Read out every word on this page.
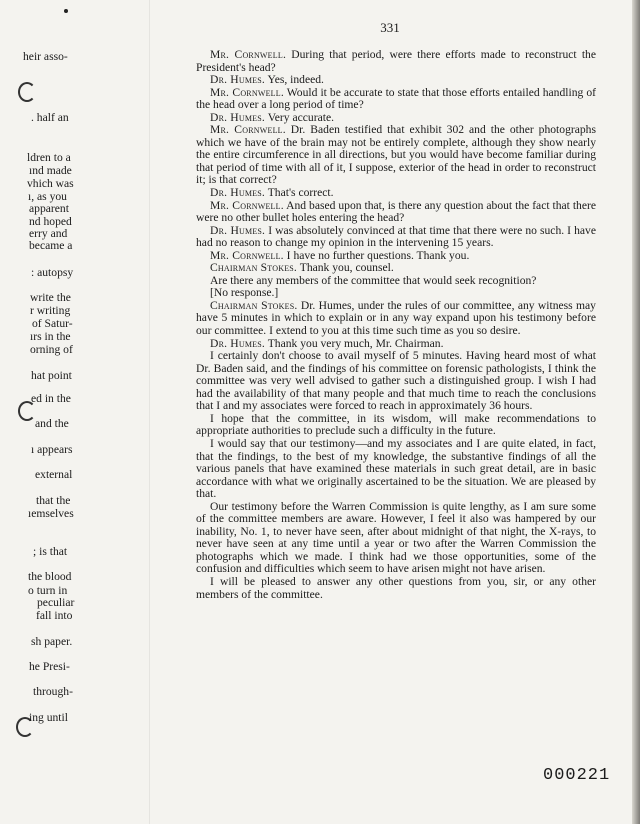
heir asso-
. half an
ldren to a
ınd made
vhich was
ı, as you
apparent
nd hoped
erry and
became a
: autopsy
write the
r writing
of Satur-
ırs in the
orning of
hat point
ed in the
and the
ı appears
external
that the
ıemselves
; is that
the blood
o turn in
peculiar
fall into
sh paper.
he Presi-
through-
ing until
331

Mr. Cornwell. During that period, were there efforts made to reconstruct the President's head?

Dr. Humes. Yes, indeed.

Mr. Cornwell. Would it be accurate to state that those efforts entailed handling of the head over a long period of time?

Dr. Humes. Very accurate.

Mr. Cornwell. Dr. Baden testified that exhibit 302 and the other photographs which we have of the brain may not be entirely complete, although they show nearly the entire circumference in all directions, but you would have become familiar during that period of time with all of it, I suppose, exterior of the head in order to reconstruct it; is that correct?

Dr. Humes. That's correct.

Mr. Cornwell. And based upon that, is there any question about the fact that there were no other bullet holes entering the head?

Dr. Humes. I was absolutely convinced at that time that there were no such. I have had no reason to change my opinion in the intervening 15 years.

Mr. Cornwell. I have no further questions. Thank you.

Chairman Stokes. Thank you, counsel.

Are there any members of the committee that would seek recognition?

[No response.]

Chairman Stokes. Dr. Humes, under the rules of our committee, any witness may have 5 minutes in which to explain or in any way expand upon his testimony before our committee. I extend to you at this time such time as you so desire.

Dr. Humes. Thank you very much, Mr. Chairman.

I certainly don't choose to avail myself of 5 minutes. Having heard most of what Dr. Baden said, and the findings of his committee on forensic pathologists, I think the committee was very well advised to gather such a distinguished group. I wish I had had the availability of that many people and that much time to reach the conclusions that I and my associates were forced to reach in approximately 36 hours.

I hope that the committee, in its wisdom, will make recommendations to appropriate authorities to preclude such a difficulty in the future.

I would say that our testimony—and my associates and I are quite elated, in fact, that the findings, to the best of my knowledge, the substantive findings of all the various panels that have examined these materials in such great detail, are in basic accordance with what we originally ascertained to be the situation. We are pleased by that.

Our testimony before the Warren Commission is quite lengthy, as I am sure some of the committee members are aware. However, I feel it also was hampered by our inability, No. 1, to never have seen, after about midnight of that night, the X-rays, to never have seen at any time until a year or two after the Warren Commission the photographs which we made. I think had we those opportunities, some of the confusion and difficulties which seem to have arisen might not have arisen.

I will be pleased to answer any other questions from you, sir, or any other members of the committee.

000221
